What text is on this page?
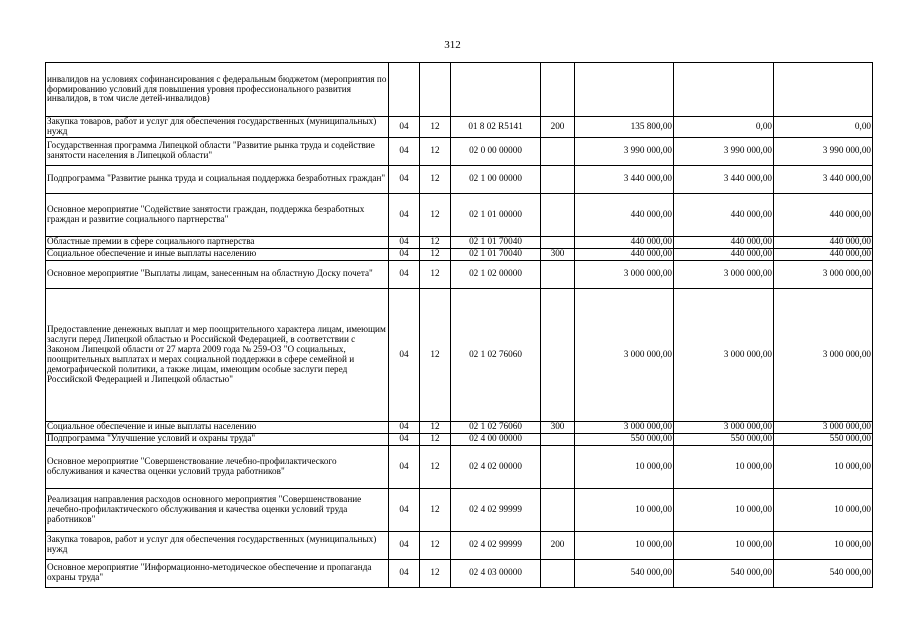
312
инвалидов на условиях софинансирования с федеральным бюджетом (мероприятия по формированию условий для повышения уровня профессионального развития инвалидов, в том числе детей-инвалидов)							
Закупка товаров, работ и услуг для обеспечения государственных (муниципальных) нужд	04	12	01 8 02 R5141	200	135 800,00	0,00	0,00
Государственная программа Липецкой области "Развитие рынка труда и содействие занятости населения в Липецкой области"	04	12	02 0 00 00000		3 990 000,00	3 990 000,00	3 990 000,00
Подпрограмма "Развитие рынка труда и социальная поддержка безработных граждан"	04	12	02 1 00 00000		3 440 000,00	3 440 000,00	3 440 000,00
Основное мероприятие "Содействие занятости граждан, поддержка безработных граждан и развитие социального партнерства"	04	12	02 1 01 00000		440 000,00	440 000,00	440 000,00
Областные премии в сфере социального партнерства	04	12	02 1 01 70040		440 000,00	440 000,00	440 000,00
Социальное обеспечение и иные выплаты населению	04	12	02 1 01 70040	300	440 000,00	440 000,00	440 000,00
Основное мероприятие "Выплаты лицам, занесенным на областную Доску почета"	04	12	02 1 02 00000		3 000 000,00	3 000 000,00	3 000 000,00
Предоставление денежных выплат и мер поощрительного характера лицам, имеющим заслуги перед Липецкой областью и Российской Федерацией, в соответствии с Законом Липецкой области от 27 марта 2009 года № 259-ОЗ "О социальных, поощрительных выплатах и мерах социальной поддержки в сфере семейной и демографической политики, а также лицам, имеющим особые заслуги перед Российской Федерацией и Липецкой областью"	04	12	02 1 02 76060		3 000 000,00	3 000 000,00	3 000 000,00
Социальное обеспечение и иные выплаты населению	04	12	02 1 02 76060	300	3 000 000,00	3 000 000,00	3 000 000,00
Подпрограмма "Улучшение условий и охраны труда"	04	12	02 4 00 00000		550 000,00	550 000,00	550 000,00
Основное мероприятие "Совершенствование лечебно-профилактического обслуживания и качества оценки условий труда работников"	04	12	02 4 02 00000		10 000,00	10 000,00	10 000,00
Реализация направления расходов основного мероприятия "Совершенствование лечебно-профилактического обслуживания и качества оценки условий труда работников"	04	12	02 4 02 99999		10 000,00	10 000,00	10 000,00
Закупка товаров, работ и услуг для обеспечения государственных (муниципальных) нужд	04	12	02 4 02 99999	200	10 000,00	10 000,00	10 000,00
Основное мероприятие "Информационно-методическое обеспечение и пропаганда охраны труда"	04	12	02 4 03 00000		540 000,00	540 000,00	540 000,00
